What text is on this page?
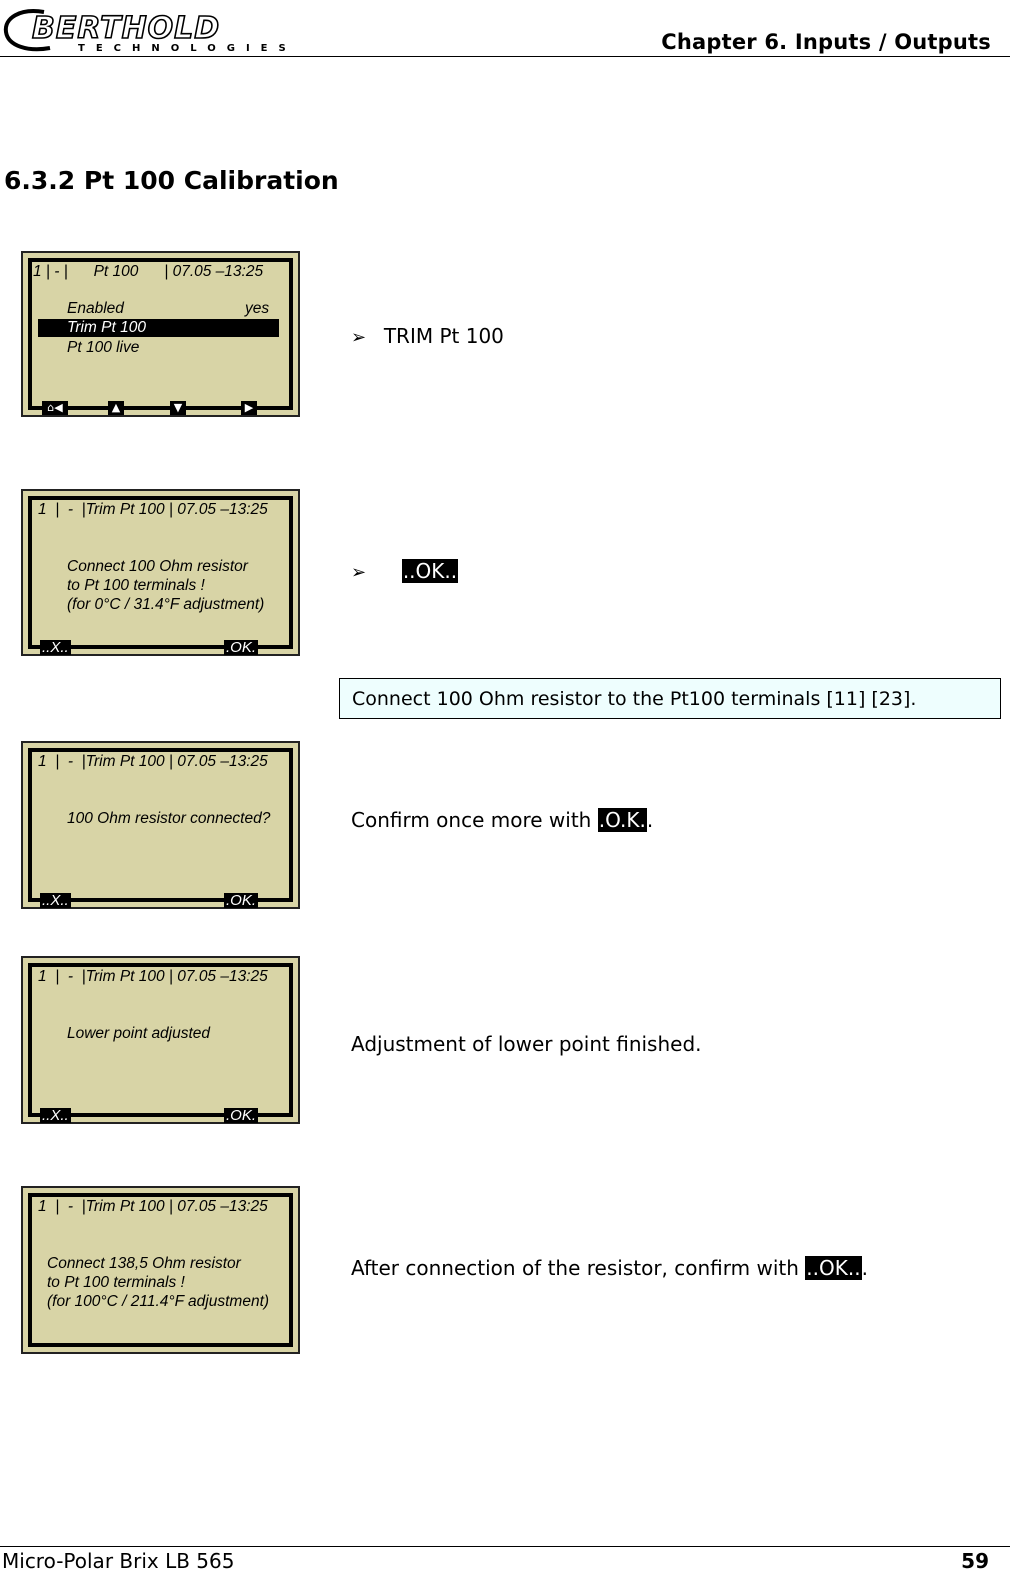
BERTHOLD
TECHNOLOGIES	Chapter 6. Inputs / Outputs
6.3.2 Pt 100 Calibration
1 | - |      Pt 100      | 07.05 –13:25
Enabled	yes
Trim Pt 100
Pt 100 live
⌂◀	▲	▼	▶
➢ TRIM Pt 100
1  |  -  |Trim Pt 100 | 07.05 –13:25
Connect 100 Ohm resistor
to Pt 100 terminals !
(for 0°C / 31.4°F adjustment)
..X..	.OK.
➢ ..OK..
Connect 100 Ohm resistor to the Pt100 terminals [11] [23].
1  |  -  |Trim Pt 100 | 07.05 –13:25
100 Ohm resistor connected?
..X..	.OK.
Confirm once more with .O.K..
1  |  -  |Trim Pt 100 | 07.05 –13:25
Lower point adjusted
..X..	.OK.
Adjustment of lower point finished.
1  |  -  |Trim Pt 100 | 07.05 –13:25
Connect 138,5 Ohm resistor
to Pt 100 terminals !
(for 100°C / 211.4°F adjustment)
After connection of the resistor, confirm with ..OK...
Micro-Polar Brix LB 565	59
